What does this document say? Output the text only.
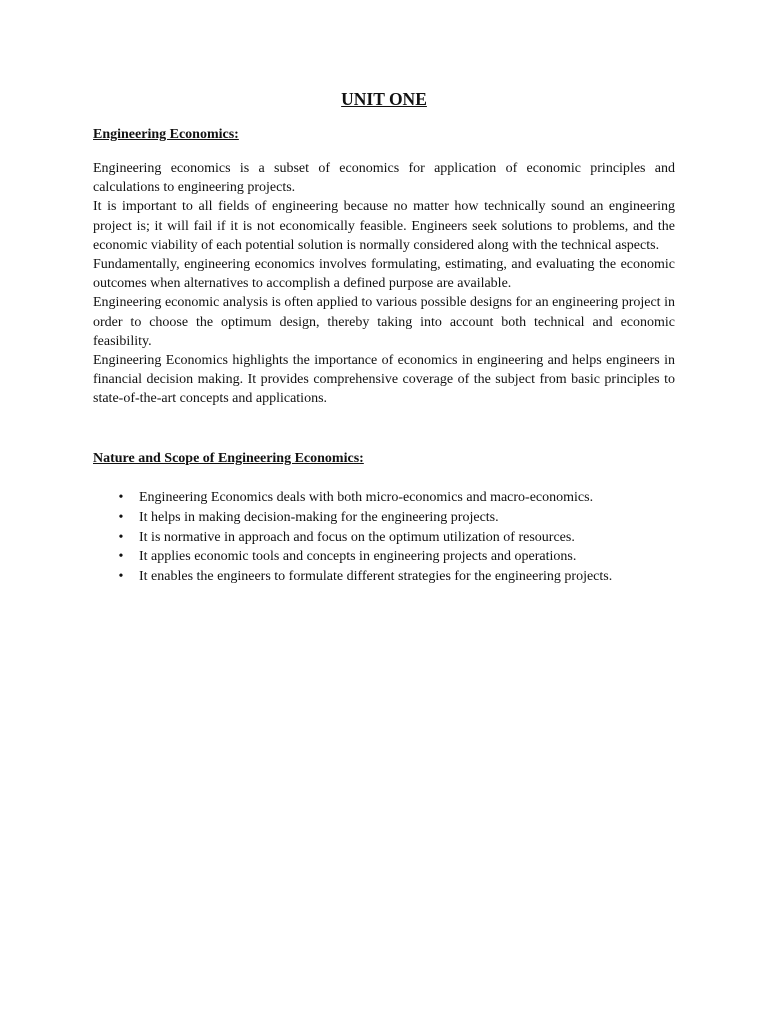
UNIT ONE
Engineering Economics:

Engineering economics is a subset of economics for application of economic principles and calculations to engineering projects.

It is important to all fields of engineering because no matter how technically sound an engineering project is; it will fail if it is not economically feasible. Engineers seek solutions to problems, and the economic viability of each potential solution is normally considered along with the technical aspects.

Fundamentally, engineering economics involves formulating, estimating, and evaluating the economic outcomes when alternatives to accomplish a defined purpose are available.

Engineering economic analysis is often applied to various possible designs for an engineering project in order to choose the optimum design, thereby taking into account both technical and economic feasibility.

Engineering Economics highlights the importance of economics in engineering and helps engineers in financial decision making. It provides comprehensive coverage of the subject from basic principles to state-of-the-art concepts and applications.

Nature and Scope of Engineering Economics:
• Engineering Economics deals with both micro-economics and macro-economics.
• It helps in making decision-making for the engineering projects.
• It is normative in approach and focus on the optimum utilization of resources.
• It applies economic tools and concepts in engineering projects and operations.
• It enables the engineers to formulate different strategies for the engineering projects.
